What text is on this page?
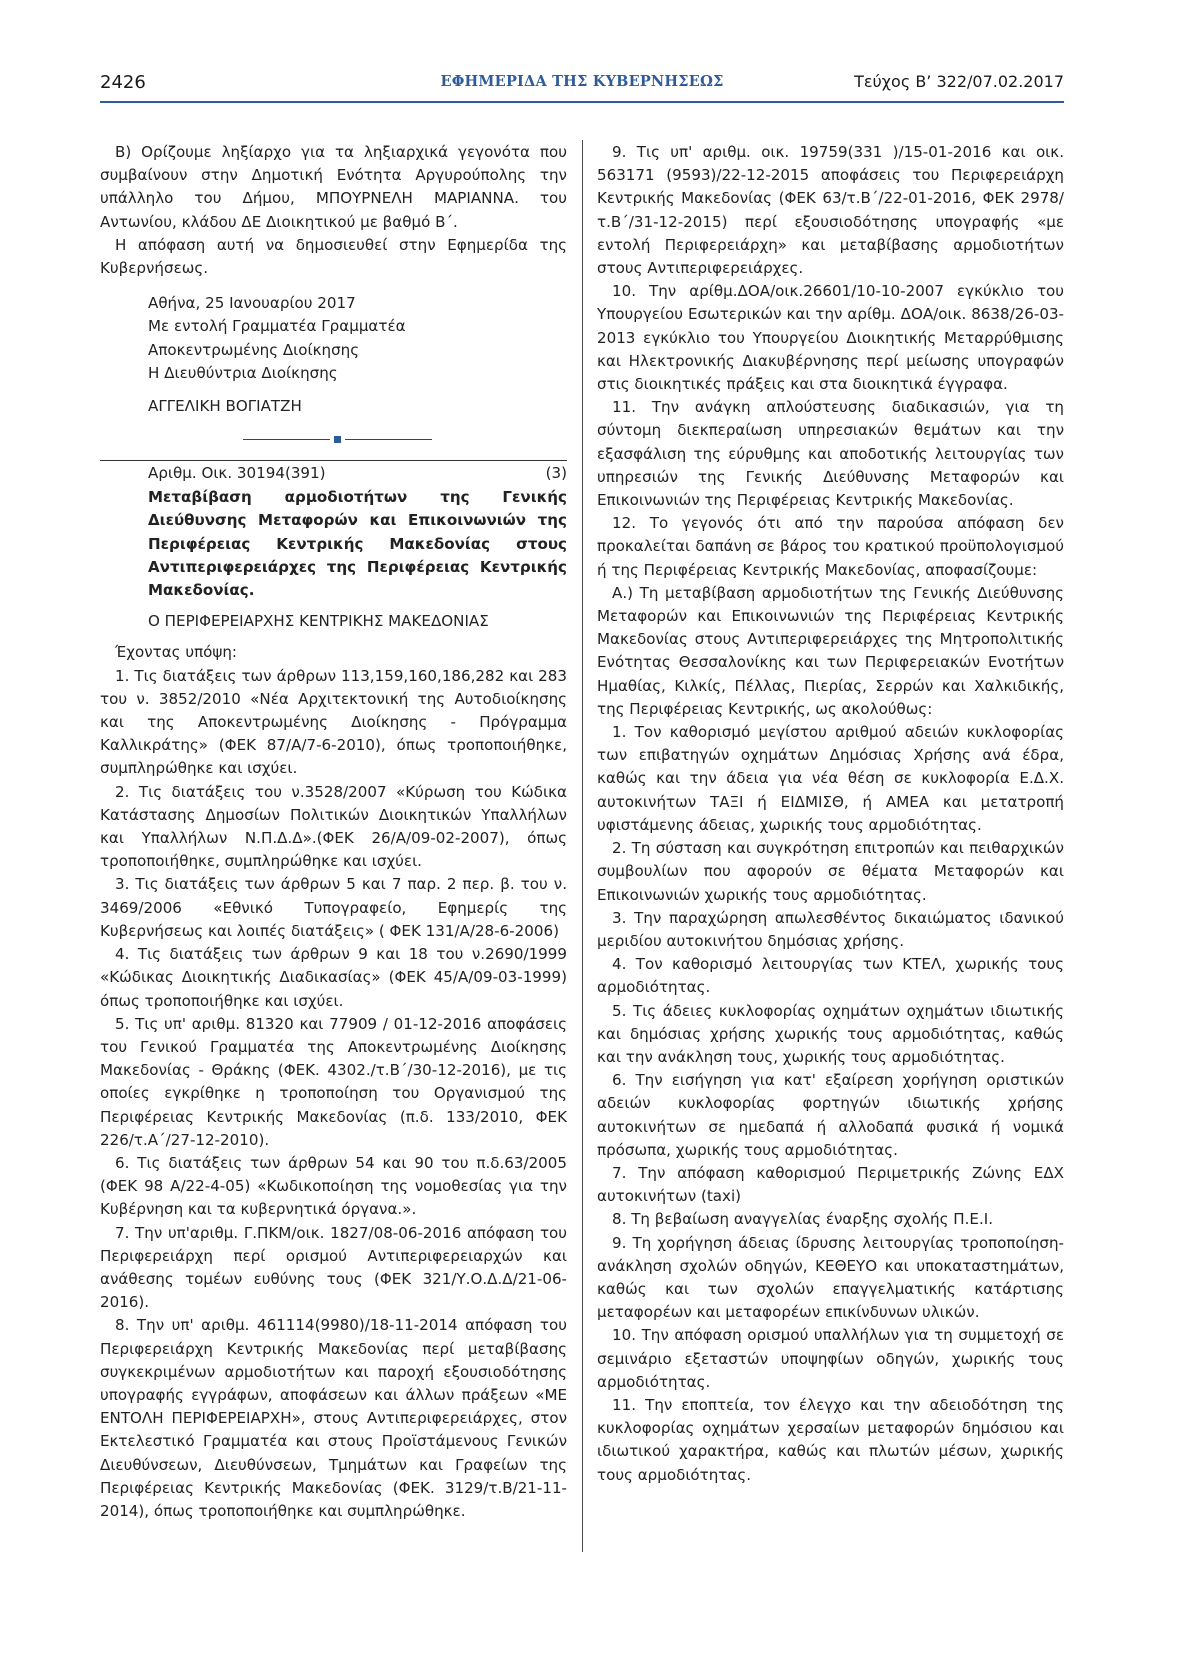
2426	ΕΦΗΜΕΡΙΔΑ ΤΗΣ ΚΥΒΕΡΝΗΣΕΩΣ	Τεύχος Β’ 322/07.02.2017

Β) Ορίζουμε ληξίαρχο για τα ληξιαρχικά γεγονότα που συμβαίνουν στην Δημοτική Ενότητα Αργυρούπολης την υπάλληλο του Δήμου, ΜΠΟΥΡΝΕΛΗ ΜΑΡΙΑΝΝΑ. του Αντωνίου, κλάδου ΔΕ Διοικητικού με βαθμό Β΄.

Η απόφαση αυτή να δημοσιευθεί στην Εφημερίδα της Κυβερνήσεως.

Αθήνα, 25 Ιανουαρίου 2017

Με εντολή Γραμματέα Γραμματέα

Αποκεντρωμένης Διοίκησης

Η Διευθύντρια Διοίκησης

ΑΓΓΕΛΙΚΗ ΒΟΓΙΑΤΖΗ

Αριθμ. Οικ. 30194(391)	(3)

Μεταβίβαση αρμοδιοτήτων της Γενικής Διεύθυνσης Μεταφορών και Επικοινωνιών της Περιφέρειας Κεντρικής Μακεδονίας στους Αντιπεριφερειάρχες της Περιφέρειας Κεντρικής Μακεδονίας.

Ο ΠΕΡΙΦΕΡΕΙΑΡΧΗΣ ΚΕΝΤΡΙΚΗΣ ΜΑΚΕΔΟΝΙΑΣ

Έχοντας υπόψη:

1. Τις διατάξεις των άρθρων 113,159,160,186,282 και 283 του ν. 3852/2010 «Νέα Αρχιτεκτονική της Αυτοδιοίκησης και της Αποκεντρωμένης Διοίκησης - Πρόγραμμα Καλλικράτης» (ΦΕΚ 87/Α/7-6-2010), όπως τροποποιήθηκε, συμπληρώθηκε και ισχύει.

2. Τις διατάξεις του ν.3528/2007 «Κύρωση του Κώδικα Κατάστασης Δημοσίων Πολιτικών Διοικητικών Υπαλλήλων και Υπαλλήλων Ν.Π.Δ.Δ».(ΦΕΚ 26/Α/09-02-2007), όπως τροποποιήθηκε, συμπληρώθηκε και ισχύει.

3. Τις διατάξεις των άρθρων 5 και 7 παρ. 2 περ. β. του ν. 3469/2006 «Εθνικό Τυπογραφείο, Εφημερίς της Κυβερνήσεως και λοιπές διατάξεις» ( ΦΕΚ 131/Α/28-6-2006)

4. Τις διατάξεις των άρθρων 9 και 18 του ν.2690/1999 «Κώδικας Διοικητικής Διαδικασίας» (ΦΕΚ 45/Α/09-03-1999) όπως τροποποιήθηκε και ισχύει.

5. Τις υπ' αριθμ. 81320 και 77909 / 01-12-2016 αποφάσεις του Γενικού Γραμματέα της Αποκεντρωμένης Διοίκησης Μακεδονίας - Θράκης (ΦΕΚ. 4302./τ.Β΄/30-12-2016), με τις οποίες εγκρίθηκε η τροποποίηση του Οργανισμού της Περιφέρειας Κεντρικής Μακεδονίας (π.δ. 133/2010, ΦΕΚ 226/τ.Α΄/27-12-2010).

6. Τις διατάξεις των άρθρων 54 και 90 του π.δ.63/2005 (ΦΕΚ 98 Α/22-4-05) «Κωδικοποίηση της νομοθεσίας για την Κυβέρνηση και τα κυβερνητικά όργανα.».

7. Την υπ'αριθμ. Γ.ΠΚΜ/οικ. 1827/08-06-2016 απόφαση του Περιφερειάρχη περί ορισμού Αντιπεριφερειαρχών και ανάθεσης τομέων ευθύνης τους (ΦΕΚ 321/Υ.Ο.Δ.Δ/21-06-2016).

8. Την υπ' αριθμ. 461114(9980)/18-11-2014 απόφαση του Περιφερειάρχη Κεντρικής Μακεδονίας περί μεταβίβασης συγκεκριμένων αρμοδιοτήτων και παροχή εξουσιοδότησης υπογραφής εγγράφων, αποφάσεων και άλλων πράξεων «ΜΕ ΕΝΤΟΛΗ ΠΕΡΙΦΕΡΕΙΑΡΧΗ», στους Αντιπεριφερειάρχες, στον Εκτελεστικό Γραμματέα και στους Προϊστάμενους Γενικών Διευθύνσεων, Διευθύνσεων, Τμημάτων και Γραφείων της Περιφέρειας Κεντρικής Μακεδονίας (ΦΕΚ. 3129/τ.Β/21-11-2014), όπως τροποποιήθηκε και συμπληρώθηκε.

9. Τις υπ' αριθμ. οικ. 19759(331 )/15-01-2016 και οικ. 563171 (9593)/22-12-2015 αποφάσεις του Περιφερειάρχη Κεντρικής Μακεδονίας (ΦΕΚ 63/τ.Β΄/22-01-2016, ΦΕΚ 2978/τ.Β΄/31-12-2015) περί εξουσιοδότησης υπογραφής «με εντολή Περιφερειάρχη» και μεταβίβασης αρμοδιοτήτων στους Αντιπεριφερειάρχες.

10. Την αρίθμ.ΔΟΑ/οικ.26601/10-10-2007 εγκύκλιο του Υπουργείου Εσωτερικών και την αρίθμ. ΔΟΑ/οικ. 8638/26-03-2013 εγκύκλιο του Υπουργείου Διοικητικής Μεταρρύθμισης και Ηλεκτρονικής Διακυβέρνησης περί μείωσης υπογραφών στις διοικητικές πράξεις και στα διοικητικά έγγραφα.

11. Την ανάγκη απλούστευσης διαδικασιών, για τη σύντομη διεκπεραίωση υπηρεσιακών θεμάτων και την εξασφάλιση της εύρυθμης και αποδοτικής λειτουργίας των υπηρεσιών της Γενικής Διεύθυνσης Μεταφορών και Επικοινωνιών της Περιφέρειας Κεντρικής Μακεδονίας.

12. Το γεγονός ότι από την παρούσα απόφαση δεν προκαλείται δαπάνη σε βάρος του κρατικού προϋπολογισμού ή της Περιφέρειας Κεντρικής Μακεδονίας, αποφασίζουμε:

Α.) Τη μεταβίβαση αρμοδιοτήτων της Γενικής Διεύθυνσης Μεταφορών και Επικοινωνιών της Περιφέρειας Κεντρικής Μακεδονίας στους Αντιπεριφερειάρχες της Μητροπολιτικής Ενότητας Θεσσαλονίκης και των Περιφερειακών Ενοτήτων Ημαθίας, Κιλκίς, Πέλλας, Πιερίας, Σερρών και Χαλκιδικής, της Περιφέρειας Κεντρικής, ως ακολούθως:

1. Τον καθορισμό μεγίστου αριθμού αδειών κυκλοφορίας των επιβατηγών οχημάτων Δημόσιας Χρήσης ανά έδρα, καθώς και την άδεια για νέα θέση σε κυκλοφορία Ε.Δ.Χ. αυτοκινήτων ΤΑΞΙ ή ΕΙΔΜΙΣΘ, ή ΑΜΕΑ και μετατροπή υφιστάμενης άδειας, χωρικής τους αρμοδιότητας.

2. Τη σύσταση και συγκρότηση επιτροπών και πειθαρχικών συμβουλίων που αφορούν σε θέματα Μεταφορών και Επικοινωνιών χωρικής τους αρμοδιότητας.

3. Την παραχώρηση απωλεσθέντος δικαιώματος ιδανικού μεριδίου αυτοκινήτου δημόσιας χρήσης.

4. Τον καθορισμό λειτουργίας των ΚΤΕΛ, χωρικής τους αρμοδιότητας.

5. Τις άδειες κυκλοφορίας οχημάτων οχημάτων ιδιωτικής και δημόσιας χρήσης χωρικής τους αρμοδιότητας, καθώς και την ανάκληση τους, χωρικής τους αρμοδιότητας.

6. Την εισήγηση για κατ' εξαίρεση χορήγηση οριστικών αδειών κυκλοφορίας φορτηγών ιδιωτικής χρήσης αυτοκινήτων σε ημεδαπά ή αλλοδαπά φυσικά ή νομικά πρόσωπα, χωρικής τους αρμοδιότητας.

7. Την απόφαση καθορισμού Περιμετρικής Ζώνης ΕΔΧ αυτοκινήτων (taxi)

8. Τη βεβαίωση αναγγελίας έναρξης σχολής Π.Ε.Ι.

9. Τη χορήγηση άδειας ίδρυσης λειτουργίας τροποποίηση-ανάκληση σχολών οδηγών, ΚΕΘΕΥΟ και υποκαταστημάτων, καθώς και των σχολών επαγγελματικής κατάρτισης μεταφορέων και μεταφορέων επικίνδυνων υλικών.

10. Την απόφαση ορισμού υπαλλήλων για τη συμμετοχή σε σεμινάριο εξεταστών υποψηφίων οδηγών, χωρικής τους αρμοδιότητας.

11. Την εποπτεία, τον έλεγχο και την αδειοδότηση της κυκλοφορίας οχημάτων χερσαίων μεταφορών δημόσιου και ιδιωτικού χαρακτήρα, καθώς και πλωτών μέσων, χωρικής τους αρμοδιότητας.
